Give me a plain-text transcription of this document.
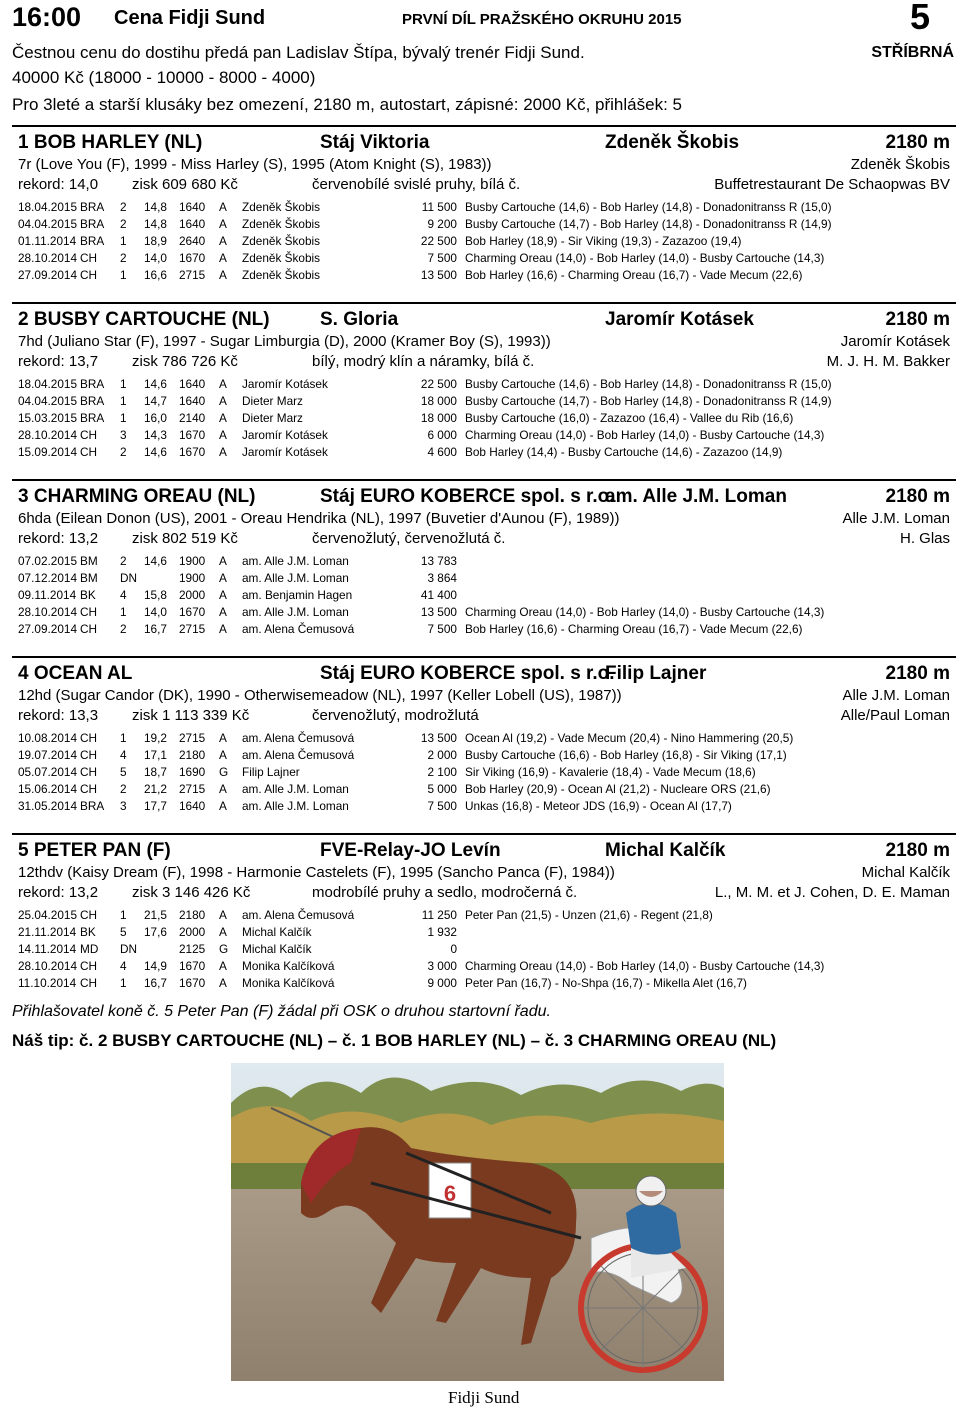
16:00 Cena Fidji Sund	PRVNÍ DÍL PRAŽSKÉHO OKRUHU 2015	5
Čestnou cenu do dostihu předá pan Ladislav Štípa, bývalý trenér Fidji Sund.	STŘÍBRNÁ
40000 Kč (18000 - 10000 - 8000 - 4000)
Pro 3leté a starší klusáky bez omezení, 2180 m, autostart, zápisné: 2000 Kč, přihlášek: 5
1 BOB HARLEY (NL)	Stáj Viktoria	Zdeněk Škobis	2180 m
7r (Love You (F), 1999 - Miss Harley (S), 1995 (Atom Knight (S), 1983))	Zdeněk Škobis
rekord: 14,0 zisk 609 680 Kč	červenobílé svislé pruhy, bílá č.	Buffetrestaurant De Schaopwas BV
18.04.2015	BRA	2	14,8	1640	A	Zdeněk Škobis	11 500	Busby Cartouche (14,6) - Bob Harley (14,8) - Donadonitranss R (15,0)
04.04.2015	BRA	2	14,8	1640	A	Zdeněk Škobis	9 200	Busby Cartouche (14,7) - Bob Harley (14,8) - Donadonitranss R (14,9)
01.11.2014	BRA	1	18,9	2640	A	Zdeněk Škobis	22 500	Bob Harley (18,9) - Sir Viking (19,3) - Zazazoo (19,4)
28.10.2014	CH	2	14,0	1670	A	Zdeněk Škobis	7 500	Charming Oreau (14,0) - Bob Harley (14,0) - Busby Cartouche (14,3)
27.09.2014	CH	1	16,6	2715	A	Zdeněk Škobis	13 500	Bob Harley (16,6) - Charming Oreau (16,7) - Vade Mecum (22,6)
2 BUSBY CARTOUCHE (NL)	S. Gloria	Jaromír Kotásek	2180 m
7hd (Juliano Star (F), 1997 - Sugar Limburgia (D), 2000 (Kramer Boy (S), 1993))	Jaromír Kotásek
rekord: 13,7 zisk 786 726 Kč	bílý, modrý klín a náramky, bílá č.	M. J. H. M. Bakker
18.04.2015	BRA	1	14,6	1640	A	Jaromír Kotásek	22 500	Busby Cartouche (14,6) - Bob Harley (14,8) - Donadonitranss R (15,0)
04.04.2015	BRA	1	14,7	1640	A	Dieter Marz	18 000	Busby Cartouche (14,7) - Bob Harley (14,8) - Donadonitranss R (14,9)
15.03.2015	BRA	1	16,0	2140	A	Dieter Marz	18 000	Busby Cartouche (16,0) - Zazazoo (16,4) - Vallee du Rib (16,6)
28.10.2014	CH	3	14,3	1670	A	Jaromír Kotásek	6 000	Charming Oreau (14,0) - Bob Harley (14,0) - Busby Cartouche (14,3)
15.09.2014	CH	2	14,6	1670	A	Jaromír Kotásek	4 600	Bob Harley (14,4) - Busby Cartouche (14,6) - Zazazoo (14,9)
3 CHARMING OREAU (NL)	Stáj EURO KOBERCE spol. s r.o.
am. Alle J.M. Loman	2180 m
6hda (Eilean Donon (US), 2001 - Oreau Hendrika (NL), 1997 (Buvetier d'Aunou (F), 1989))	Alle J.M. Loman
rekord: 13,2 zisk 802 519 Kč	červenožlutý, červenožlutá č.	H. Glas
07.02.2015	BM	2	14,6	1900	A	am. Alle J.M. Loman	13 783	
07.12.2014	BM	DN		1900	A	am. Alle J.M. Loman	3 864	
09.11.2014	BK	4	15,8	2000	A	am. Benjamin Hagen	41 400	
28.10.2014	CH	1	14,0	1670	A	am. Alle J.M. Loman	13 500	Charming Oreau (14,0) - Bob Harley (14,0) - Busby Cartouche (14,3)
27.09.2014	CH	2	16,7	2715	A	am. Alena Čemusová	7 500	Bob Harley (16,6) - Charming Oreau (16,7) - Vade Mecum (22,6)
4 OCEAN AL	Stáj EURO KOBERCE spol. s r.o.
Filip Lajner	2180 m
12hd (Sugar Candor (DK), 1990 - Otherwisemeadow (NL), 1997 (Keller Lobell (US), 1987))	Alle J.M. Loman
rekord: 13,3 zisk 1 113 339 Kč	červenožlutý, modrožlutá	Alle/Paul Loman
10.08.2014	CH	1	19,2	2715	A	am. Alena Čemusová	13 500	Ocean Al (19,2) - Vade Mecum (20,4) - Nino Hammering (20,5)
19.07.2014	CH	4	17,1	2180	A	am. Alena Čemusová	2 000	Busby Cartouche (16,6) - Bob Harley (16,8) - Sir Viking (17,1)
05.07.2014	CH	5	18,7	1690	G	Filip Lajner	2 100	Sir Viking (16,9) - Kavalerie (18,4) - Vade Mecum (18,6)
15.06.2014	CH	2	21,2	2715	A	am. Alle J.M. Loman	5 000	Bob Harley (20,9) - Ocean Al (21,2) - Nucleare ORS (21,6)
31.05.2014	BRA	3	17,7	1640	A	am. Alle J.M. Loman	7 500	Unkas (16,8) - Meteor JDS (16,9) - Ocean Al (17,7)
5 PETER PAN (F)	FVE-Relay-JO Levín	Michal Kalčík	2180 m
12thdv (Kaisy Dream (F), 1998 - Harmonie Castelets (F), 1995 (Sancho Panca (F), 1984))	Michal Kalčík
rekord: 13,2 zisk 3 146 426 Kč	modrobílé pruhy a sedlo, modročerná č.	L., M. M. et J. Cohen, D. E. Maman
25.04.2015	CH	1	21,5	2180	A	am. Alena Čemusová	11 250	Peter Pan (21,5) - Unzen (21,6) - Regent (21,8)
21.11.2014	BK	5	17,6	2000	A	Michal Kalčík	1 932	
14.11.2014	MD	DN		2125	G	Michal Kalčík	0	
28.10.2014	CH	4	14,9	1670	A	Monika Kalčíková	3 000	Charming Oreau (14,0) - Bob Harley (14,0) - Busby Cartouche (14,3)
11.10.2014	CH	1	16,7	1670	A	Monika Kalčíková	9 000	Peter Pan (16,7) - No-Shpa (16,7) - Mikella Alet (16,7)
Přihlašovatel koně č. 5 Peter Pan (F) žádal při OSK o druhou startovní řadu.
Náš tip: č. 2 BUSBY CARTOUCHE (NL) – č. 1 BOB HARLEY (NL) – č. 3 CHARMING OREAU (NL)
6
Fidji Sund
